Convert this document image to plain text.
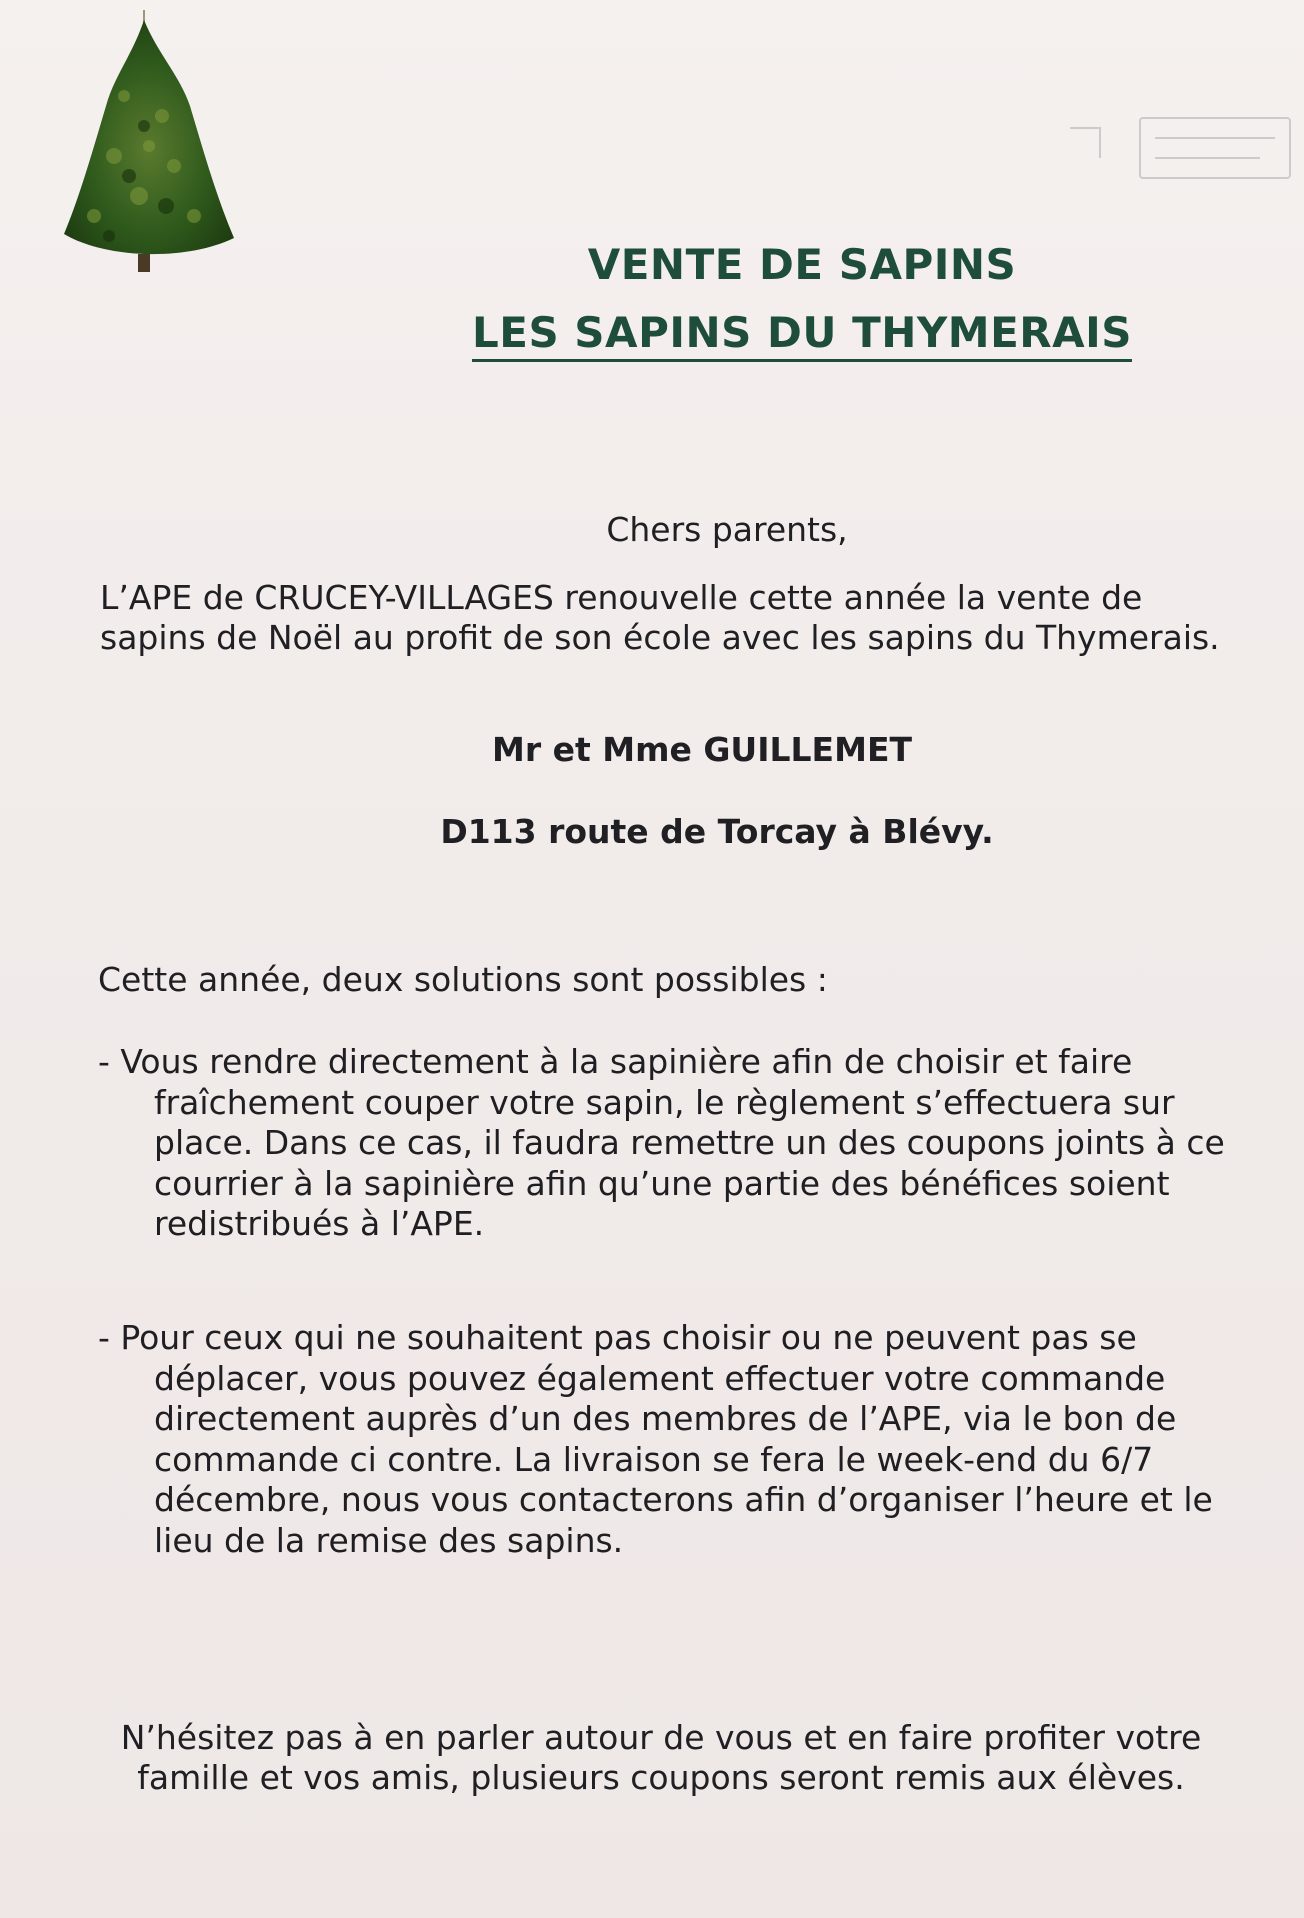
VENTE DE SAPINS
LES SAPINS DU THYMERAIS
Chers parents,
L’APE de CRUCEY-VILLAGES renouvelle cette année la vente de
sapins de Noël au profit de son école avec les sapins du Thymerais.
Mr et Mme GUILLEMET
D113 route de Torcay à Blévy.
Cette année, deux solutions sont possibles :
- Vous rendre directement à la sapinière afin de choisir et faire
fraîchement couper votre sapin, le règlement s’effectuera sur
place. Dans ce cas, il faudra remettre un des coupons joints à ce
courrier à la sapinière afin qu’une partie des bénéfices soient
redistribués à l’APE.
- Pour ceux qui ne souhaitent pas choisir ou ne peuvent pas se
déplacer, vous pouvez également effectuer votre commande
directement auprès d’un des membres de l’APE, via le bon de
commande ci contre. La livraison se fera le week-end du 6/7
décembre, nous vous contacterons afin d’organiser l’heure et le
lieu de la remise des sapins.
N’hésitez pas à en parler autour de vous et en faire profiter votre
famille et vos amis, plusieurs coupons seront remis aux élèves.
